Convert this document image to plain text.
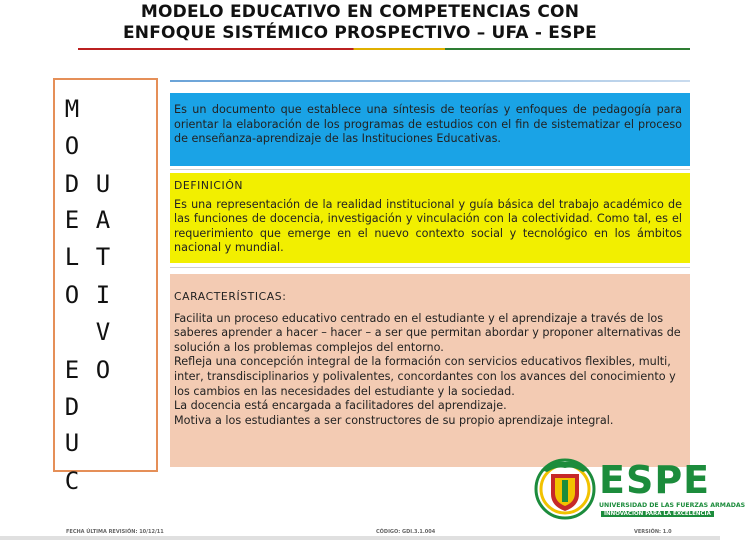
MODELO EDUCATIVO EN COMPETENCIAS CON
ENFOQUE SISTÉMICO PROSPECTIVO – UFA - ESPE
M
O
D
E
L
O
E
D
U
C
U
A
T
I
V
O

Es un documento que establece una síntesis de teorías y enfoques de pedagogía para orientar la elaboración de los programas de estudios con el fin de sistematizar el proceso de enseñanza-aprendizaje de las Instituciones Educativas.

DEFINICIÓN

Es una representación de la realidad institucional y guía básica del trabajo académico de las funciones de docencia, investigación y vinculación con la colectividad. Como tal, es el requerimiento que emerge en el nuevo contexto social y tecnológico en los ámbitos nacional y mundial.

CARACTERÍSTICAS:

Facilita un proceso educativo centrado en el estudiante y el aprendizaje a través de los saberes aprender a hacer – hacer – a ser que permitan abordar y proponer alternativas de solución a los problemas complejos del entorno.

Refleja una concepción integral de la formación con servicios educativos flexibles, multi, inter, transdisciplinarios y polivalentes, concordantes con los avances del conocimiento y los cambios en las necesidades del estudiante y la sociedad.

La docencia está encargada a facilitadores del aprendizaje.

Motiva a los estudiantes a ser constructores de su propio aprendizaje integral.

ESPE
UNIVERSIDAD DE LAS FUERZAS ARMADAS
INNOVACIÓN PARA LA EXCELENCIA
FECHA ÚLTIMA REVISIÓN: 10/12/11	CÓDIGO: GDI.3.1.004	VERSIÓN: 1.0
